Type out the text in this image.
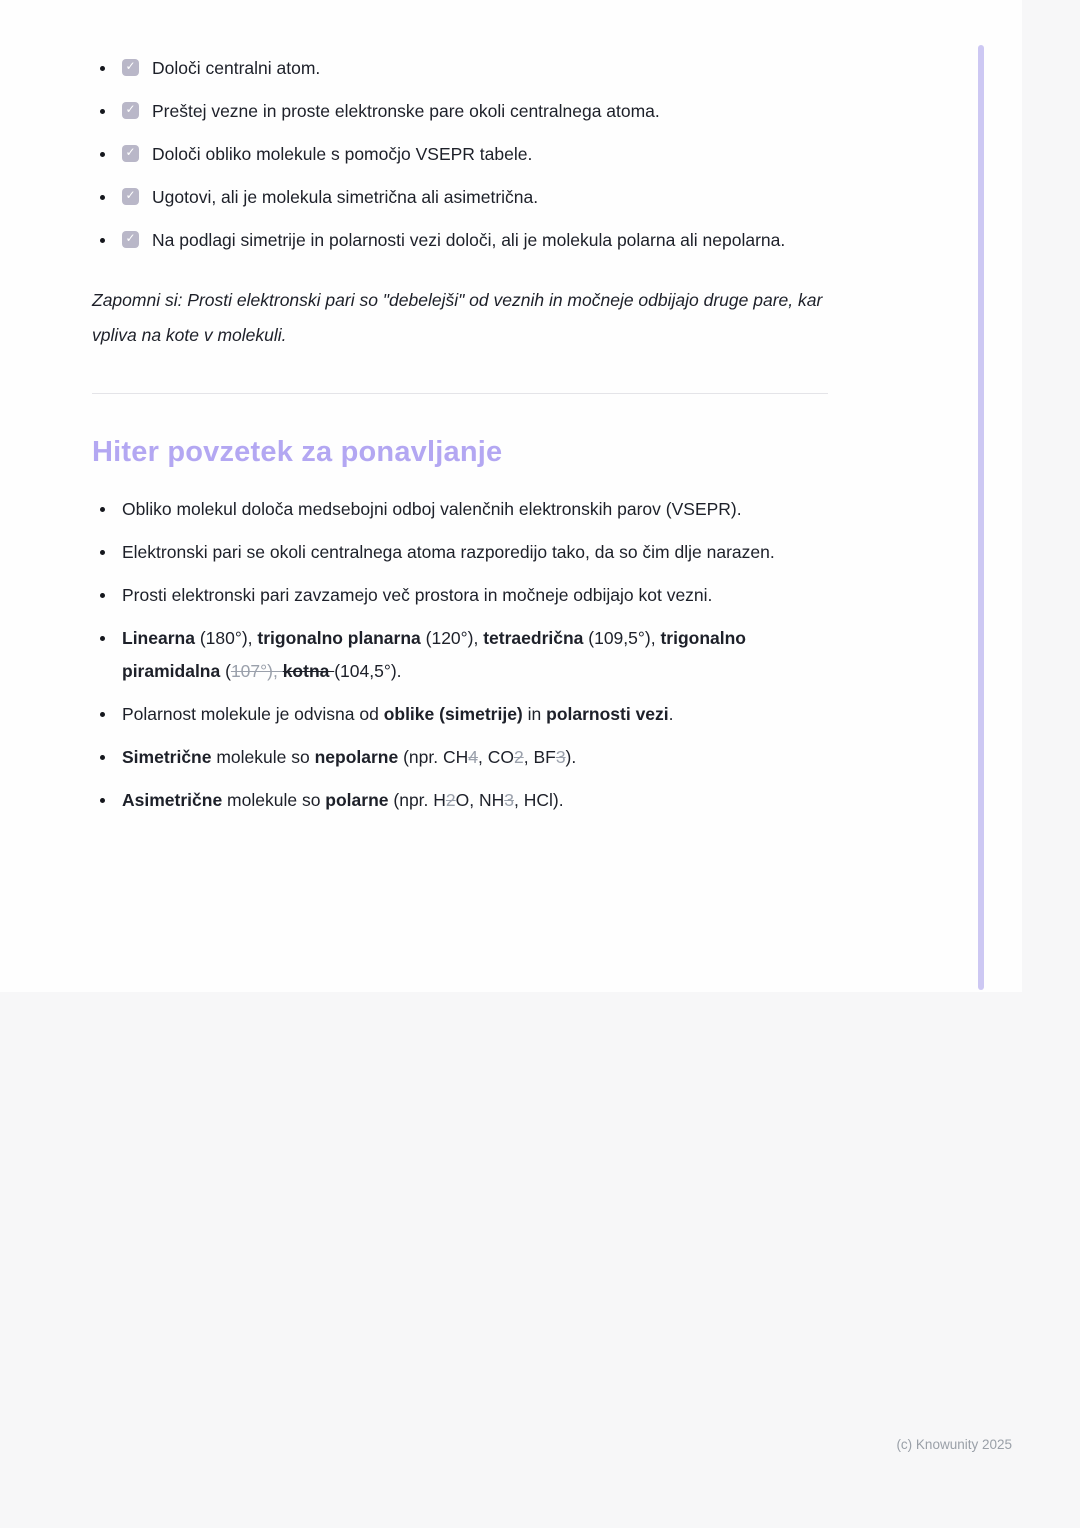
✓Določi centralni atom.
✓Preštej vezne in proste elektronske pare okoli centralnega atoma.
✓Določi obliko molekule s pomočjo VSEPR tabele.
✓Ugotovi, ali je molekula simetrična ali asimetrična.
✓Na podlagi simetrije in polarnosti vezi določi, ali je molekula polarna ali nepolarna.

Zapomni si: Prosti elektronski pari so "debelejši" od veznih in močneje odbijajo druge pare, kar vpliva na kote v molekuli.

Hiter povzetek za ponavljanje
Obliko molekul določa medsebojni odboj valenčnih elektronskih parov (VSEPR).
Elektronski pari se okoli centralnega atoma razporedijo tako, da so čim dlje narazen.
Prosti elektronski pari zavzamejo več prostora in močneje odbijajo kot vezni.
Linearna (180°), trigonalno planarna (120°), tetraedrična (109,5°), trigonalno piramidalna (107°), kotna (104,5°).
Polarnost molekule je odvisna od oblike (simetrije) in polarnosti vezi.
Simetrične molekule so nepolarne (npr. CH4, CO2, BF3).
Asimetrične molekule so polarne (npr. H2O, NH3, HCl).
(c) Knowunity 2025
